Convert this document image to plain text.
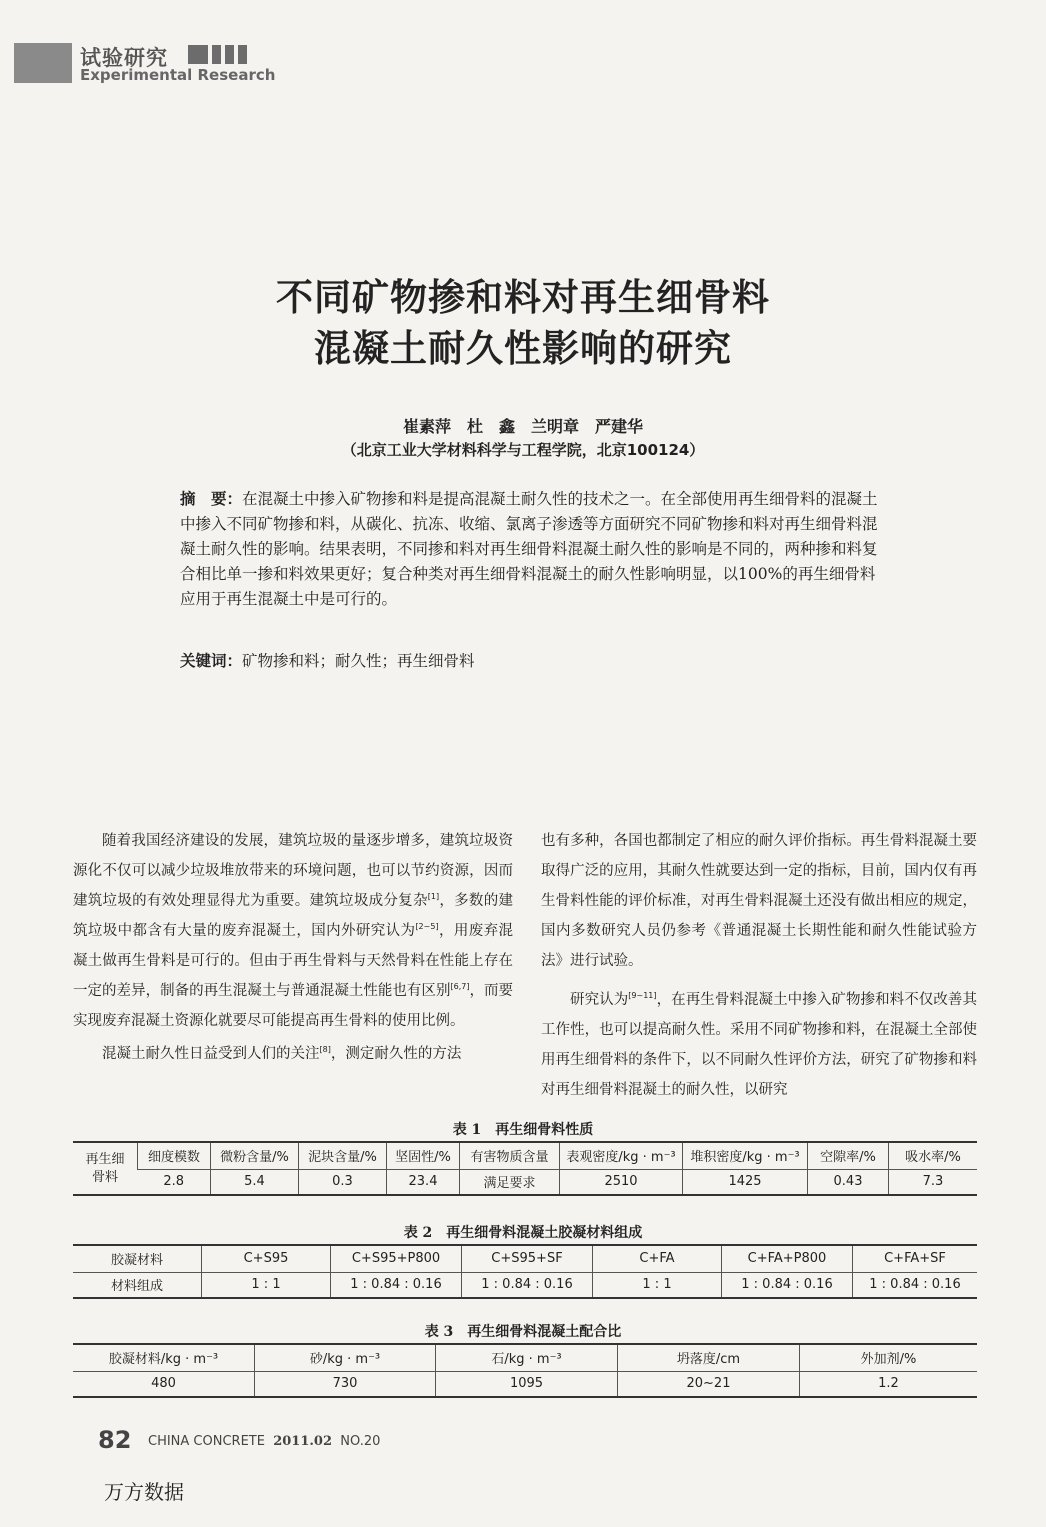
试验研究
Experimental Research
不同矿物掺和料对再生细骨料
混凝土耐久性影响的研究
崔素萍　杜　鑫　兰明章　严建华
（北京工业大学材料科学与工程学院，北京100124）
摘　要：在混凝土中掺入矿物掺和料是提高混凝土耐久性的技术之一。在全部使用再生细骨料的混凝土中掺入不同矿物掺和料，从碳化、抗冻、收缩、氯离子渗透等方面研究不同矿物掺和料对再生细骨料混凝土耐久性的影响。结果表明，不同掺和料对再生细骨料混凝土耐久性的影响是不同的，两种掺和料复合相比单一掺和料效果更好；复合种类对再生细骨料混凝土的耐久性影响明显，以100%的再生细骨料应用于再生混凝土中是可行的。
关键词：矿物掺和料；耐久性；再生细骨料

随着我国经济建设的发展，建筑垃圾的量逐步增多，建筑垃圾资源化不仅可以减少垃圾堆放带来的环境问题，也可以节约资源，因而建筑垃圾的有效处理显得尤为重要。建筑垃圾成分复杂[1]，多数的建筑垃圾中都含有大量的废弃混凝土，国内外研究认为[2~5]，用废弃混凝土做再生骨料是可行的。但由于再生骨料与天然骨料在性能上存在一定的差异，制备的再生混凝土与普通混凝土性能也有区别[6,7]，而要实现废弃混凝土资源化就要尽可能提高再生骨料的使用比例。

混凝土耐久性日益受到人们的关注[8]，测定耐久性的方法

也有多种，各国也都制定了相应的耐久评价指标。再生骨料混凝土要取得广泛的应用，其耐久性就要达到一定的指标，目前，国内仅有再生骨料性能的评价标准，对再生骨料混凝土还没有做出相应的规定，国内多数研究人员仍参考《普通混凝土长期性能和耐久性能试验方法》进行试验。

研究认为[9~11]，在再生骨料混凝土中掺入矿物掺和料不仅改善其工作性，也可以提高耐久性。采用不同矿物掺和料，在混凝土全部使用再生细骨料的条件下，以不同耐久性评价方法，研究了矿物掺和料对再生细骨料混凝土的耐久性，以研究

表 1　再生细骨料性质
再生细骨料	细度模数	微粉含量/%	泥块含量/%	坚固性/%	有害物质含量	表观密度/kg · m⁻³	堆积密度/kg · m⁻³	空隙率/%	吸水率/%
	2.8	5.4	0.3	23.4	满足要求	2510	1425	0.43	7.3
表 2　再生细骨料混凝土胶凝材料组成
胶凝材料	C+S95	C+S95+P800	C+S95+SF	C+FA	C+FA+P800	C+FA+SF
材料组成	1 : 1	1 : 0.84 : 0.16	1 : 0.84 : 0.16	1 : 1	1 : 0.84 : 0.16	1 : 0.84 : 0.16
表 3　再生细骨料混凝土配合比
胶凝材料/kg · m⁻³	砂/kg · m⁻³	石/kg · m⁻³	坍落度/cm	外加剂/%
480	730	1095	20~21	1.2
82 CHINA CONCRETE 2011.02 NO.20
万方数据
